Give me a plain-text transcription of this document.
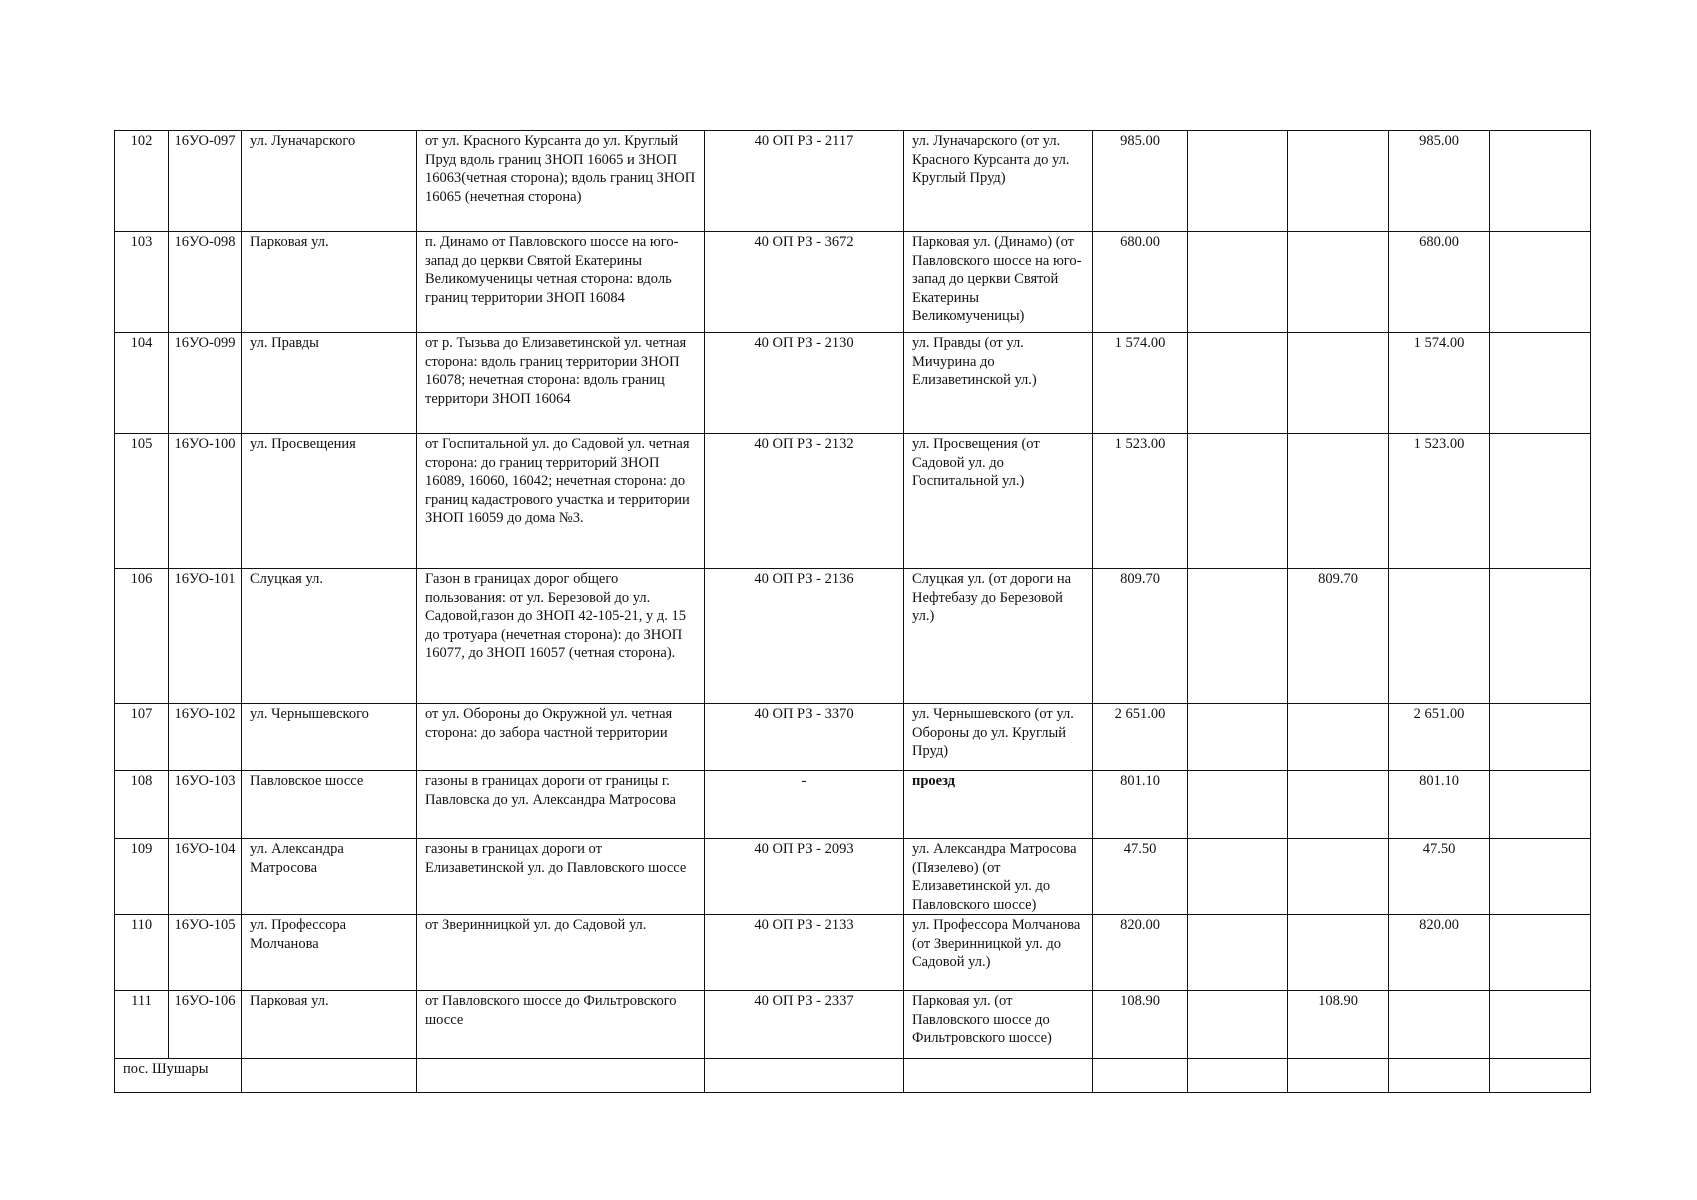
102	16УО-097	ул. Луначарского	от ул. Красного Курсанта до ул. Круглый Пруд вдоль границ ЗНОП 16065 и ЗНОП 16063(четная сторона); вдоль границ ЗНОП 16065 (нечетная сторона)	40 ОП РЗ - 2117	ул. Луначарского (от ул. Красного Курсанта до ул. Круглый Пруд)	985.00			985.00	
103	16УО-098	Парковая ул.	п. Динамо от Павловского шоссе на юго-запад до церкви Святой Екатерины Великомученицы четная сторона: вдоль границ территории ЗНОП 16084	40 ОП РЗ - 3672	Парковая ул. (Динамо) (от Павловского шоссе на юго-запад до церкви Святой Екатерины Великомученицы)	680.00			680.00	
104	16УО-099	ул. Правды	от р. Тызьва до Елизаветинской ул. четная сторона: вдоль границ территории ЗНОП 16078; нечетная сторона: вдоль границ территори ЗНОП 16064	40 ОП РЗ - 2130	ул. Правды (от ул. Мичурина до Елизаветинской ул.)	1 574.00			1 574.00	
105	16УО-100	ул. Просвещения	от Госпитальной ул. до Садовой ул. четная сторона: до границ территорий ЗНОП 16089, 16060, 16042; нечетная сторона: до границ кадастрового участка и территории ЗНОП 16059 до дома №3.	40 ОП РЗ - 2132	ул. Просвещения (от Садовой ул. до Госпитальной ул.)	1 523.00			1 523.00	
106	16УО-101	Слуцкая ул.	Газон в границах дорог общего пользования: от ул. Березовой до ул. Садовой,газон до ЗНОП 42-105-21, у д. 15 до тротуара (нечетная сторона): до ЗНОП 16077, до ЗНОП 16057 (четная сторона).	40 ОП РЗ - 2136	Слуцкая ул. (от дороги на Нефтебазу до Березовой ул.)	809.70		809.70		
107	16УО-102	ул. Чернышевского	от ул. Обороны до Окружной ул. четная сторона: до забора частной территории	40 ОП РЗ - 3370	ул. Чернышевского (от ул. Обороны до ул. Круглый Пруд)	2 651.00			2 651.00	
108	16УО-103	Павловское шоссе	газоны в границах дороги от границы г. Павловска до ул. Александра Матросова	-	проезд	801.10			801.10	
109	16УО-104	ул. Александра Матросова	газоны в границах дороги от Елизаветинской ул. до Павловского шоссе	40 ОП РЗ - 2093	ул. Александра Матросова (Пязелево) (от Елизаветинской ул. до Павловского шоссе)	47.50			47.50	
110	16УО-105	ул. Профессора Молчанова	от Зверинницкой ул. до Садовой ул.	40 ОП РЗ - 2133	ул. Профессора Молчанова (от Зверинницкой ул. до Садовой ул.)	820.00			820.00	
111	16УО-106	Парковая ул.	от Павловского шоссе до Фильтровского шоссе	40 ОП РЗ - 2337	Парковая ул. (от Павловского шоссе до Фильтровского шоссе)	108.90		108.90		
пос. Шушары										
